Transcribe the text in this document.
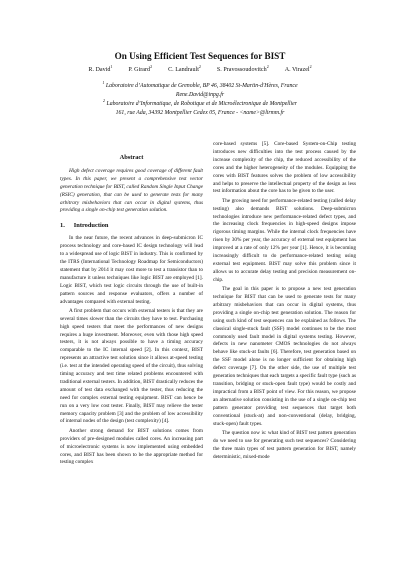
On Using Efficient Test Sequences for BIST
R. David$^1$
P. Girard$^2$
C. Landrault$^2$
S. Pravossoudovitch$^2$
A. Virazel$^2$
$^1$ Laboratoire d’Automatique de Grenoble, BP 46, 38402 St-Martin-d'Hères, France
Rene.David@inpg.fr
$^2$ Laboratoire d’Informatique, de Robotique et de Microélectronique de Montpellier
161, rue Ada, 34392 Montpellier Cedex 05, France - <name>@lirmm.fr
Abstract

High defect coverage requires good coverage of different fault types. In this paper, we present a comprehensive test vector generation technique for BIST, called Random Single Input Change (RSIC) generation, that can be used to generate tests for many arbitrary misbehaviors that can occur in digital systems, thus providing a single on-chip test generation solution.

1. Introduction

In the near future, the recent advances in deep-submicron IC process technology and core-based IC design technology will lead to a widespread use of logic BIST in industry. This is confirmed by the ITRS (International Technology Roadmap for Semiconductors) statement that by 2014 it may cost more to test a transistor than to manufacture it unless techniques like logic BIST are employed [1]. Logic BIST, which test logic circuits through the use of built-in pattern sources and response evaluators, offers a number of advantages compared with external testing.

A first problem that occurs with external testers is that they are several times slower than the circuits they have to test. Purchasing high speed testers that meet the performances of new designs requires a huge investment. Moreover, even with those high speed testers, it is not always possible to have a timing accuracy comparable to the IC internal speed [2]. In this context, BIST represents an attractive test solution since it allows at-speed testing (i.e. test at the intended operating speed of the circuit), thus solving timing accuracy and test time related problems encountered with traditional external testers. In addition, BIST drastically reduces the amount of test data exchanged with the tester, thus reducing the need for complex external testing equipment. BIST can hence be run on a very low cost tester. Finally, BIST may relieve the tester memory capacity problem [3] and the problem of low accessibility of internal nodes of the design (test complexity) [4].

Another strong demand for BIST solutions comes from providers of pre-designed modules called cores. An increasing part of microelectronic systems is now implemented using embedded cores, and BIST has been shown to be the appropriate method for testing complex

core-based systems [5]. Core-based System-on-Chip testing introduces new difficulties into the test process caused by the increase complexity of the chip, the reduced accessibility of the cores and the higher heterogeneity of the modules. Equipping the cores with BIST features solves the problem of low accessibility and helps to preserve the intellectual property of the design as less test information about the core has to be given to the user.

The growing need for performance-related testing (called delay testing) also demands BIST solutions. Deep-submicron technologies introduce new performance-related defect types, and the increasing clock frequencies in high-speed designs impose rigorous timing margins. While the internal clock frequencies have risen by 30% per year, the accuracy of external test equipment has improved at a rate of only 12% per year [1]. Hence, it is becoming increasingly difficult to do performance-related testing using external test equipment. BIST may solve this problem since it allows us to accurate delay testing and precision measurement on-chip.

The goal in this paper is to propose a new test generation technique for BIST that can be used to generate tests for many arbitrary misbehaviors that can occur in digital systems, thus providing a single on-chip test generation solution. The reason for using such kind of test sequences can be explained as follows. The classical single-stuck fault (SSF) model continues to be the most commonly used fault model in digital systems testing. However, defects in new nanometer CMOS technologies do not always behave like stuck-at faults [6]. Therefore, test generation based on the SSF model alone is no longer sufficient for obtaining high defect coverage [7]. On the other side, the use of multiple test generation techniques that each targets a specific fault type (such as transition, bridging or stuck-open fault type) would be costly and impractical from a BIST point of view. For this reason, we propose an alternative solution consisting in the use of a single on-chip test pattern generator providing test sequences that target both conventional (stuck-at) and non-conventional (delay, bridging, stuck-open) fault types.

The question now is: what kind of BIST test pattern generation do we need to use for generating such test sequences? Considering the three main types of test pattern generation for BIST, namely deterministic, mixed-mode
